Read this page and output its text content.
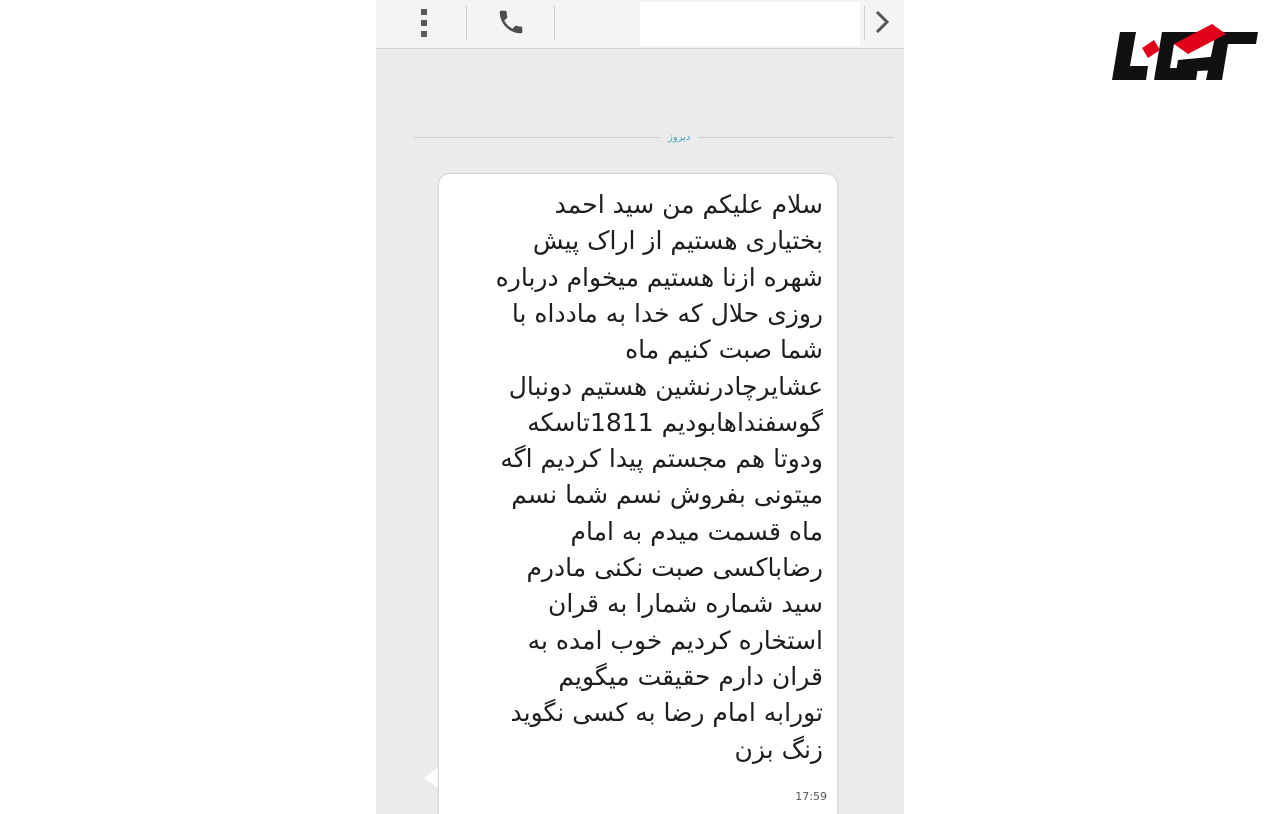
دیروز
17:59
سلام علیکم من سید احمد
بختیاری هستیم از اراک پیش
شهره ازنا هستیم میخوام درباره
روزی حلال که خدا به مادداه با
شما صبت کنیم ماه
عشایرچادرنشین هستیم دونبال
گوسفنداهابودیم 1811تاسکه
ودوتا هم مجستم پیدا کردیم اگه
میتونی بفروش نسم شما نسم
ماه قسمت میدم به امام
رضاباکسی صبت نکنی مادرم
سید شماره شمارا به قران
استخاره کردیم خوب امده به
قران دارم حقیقت میگویم
تورابه امام رضا به کسی نگوید
زنگ بزن
